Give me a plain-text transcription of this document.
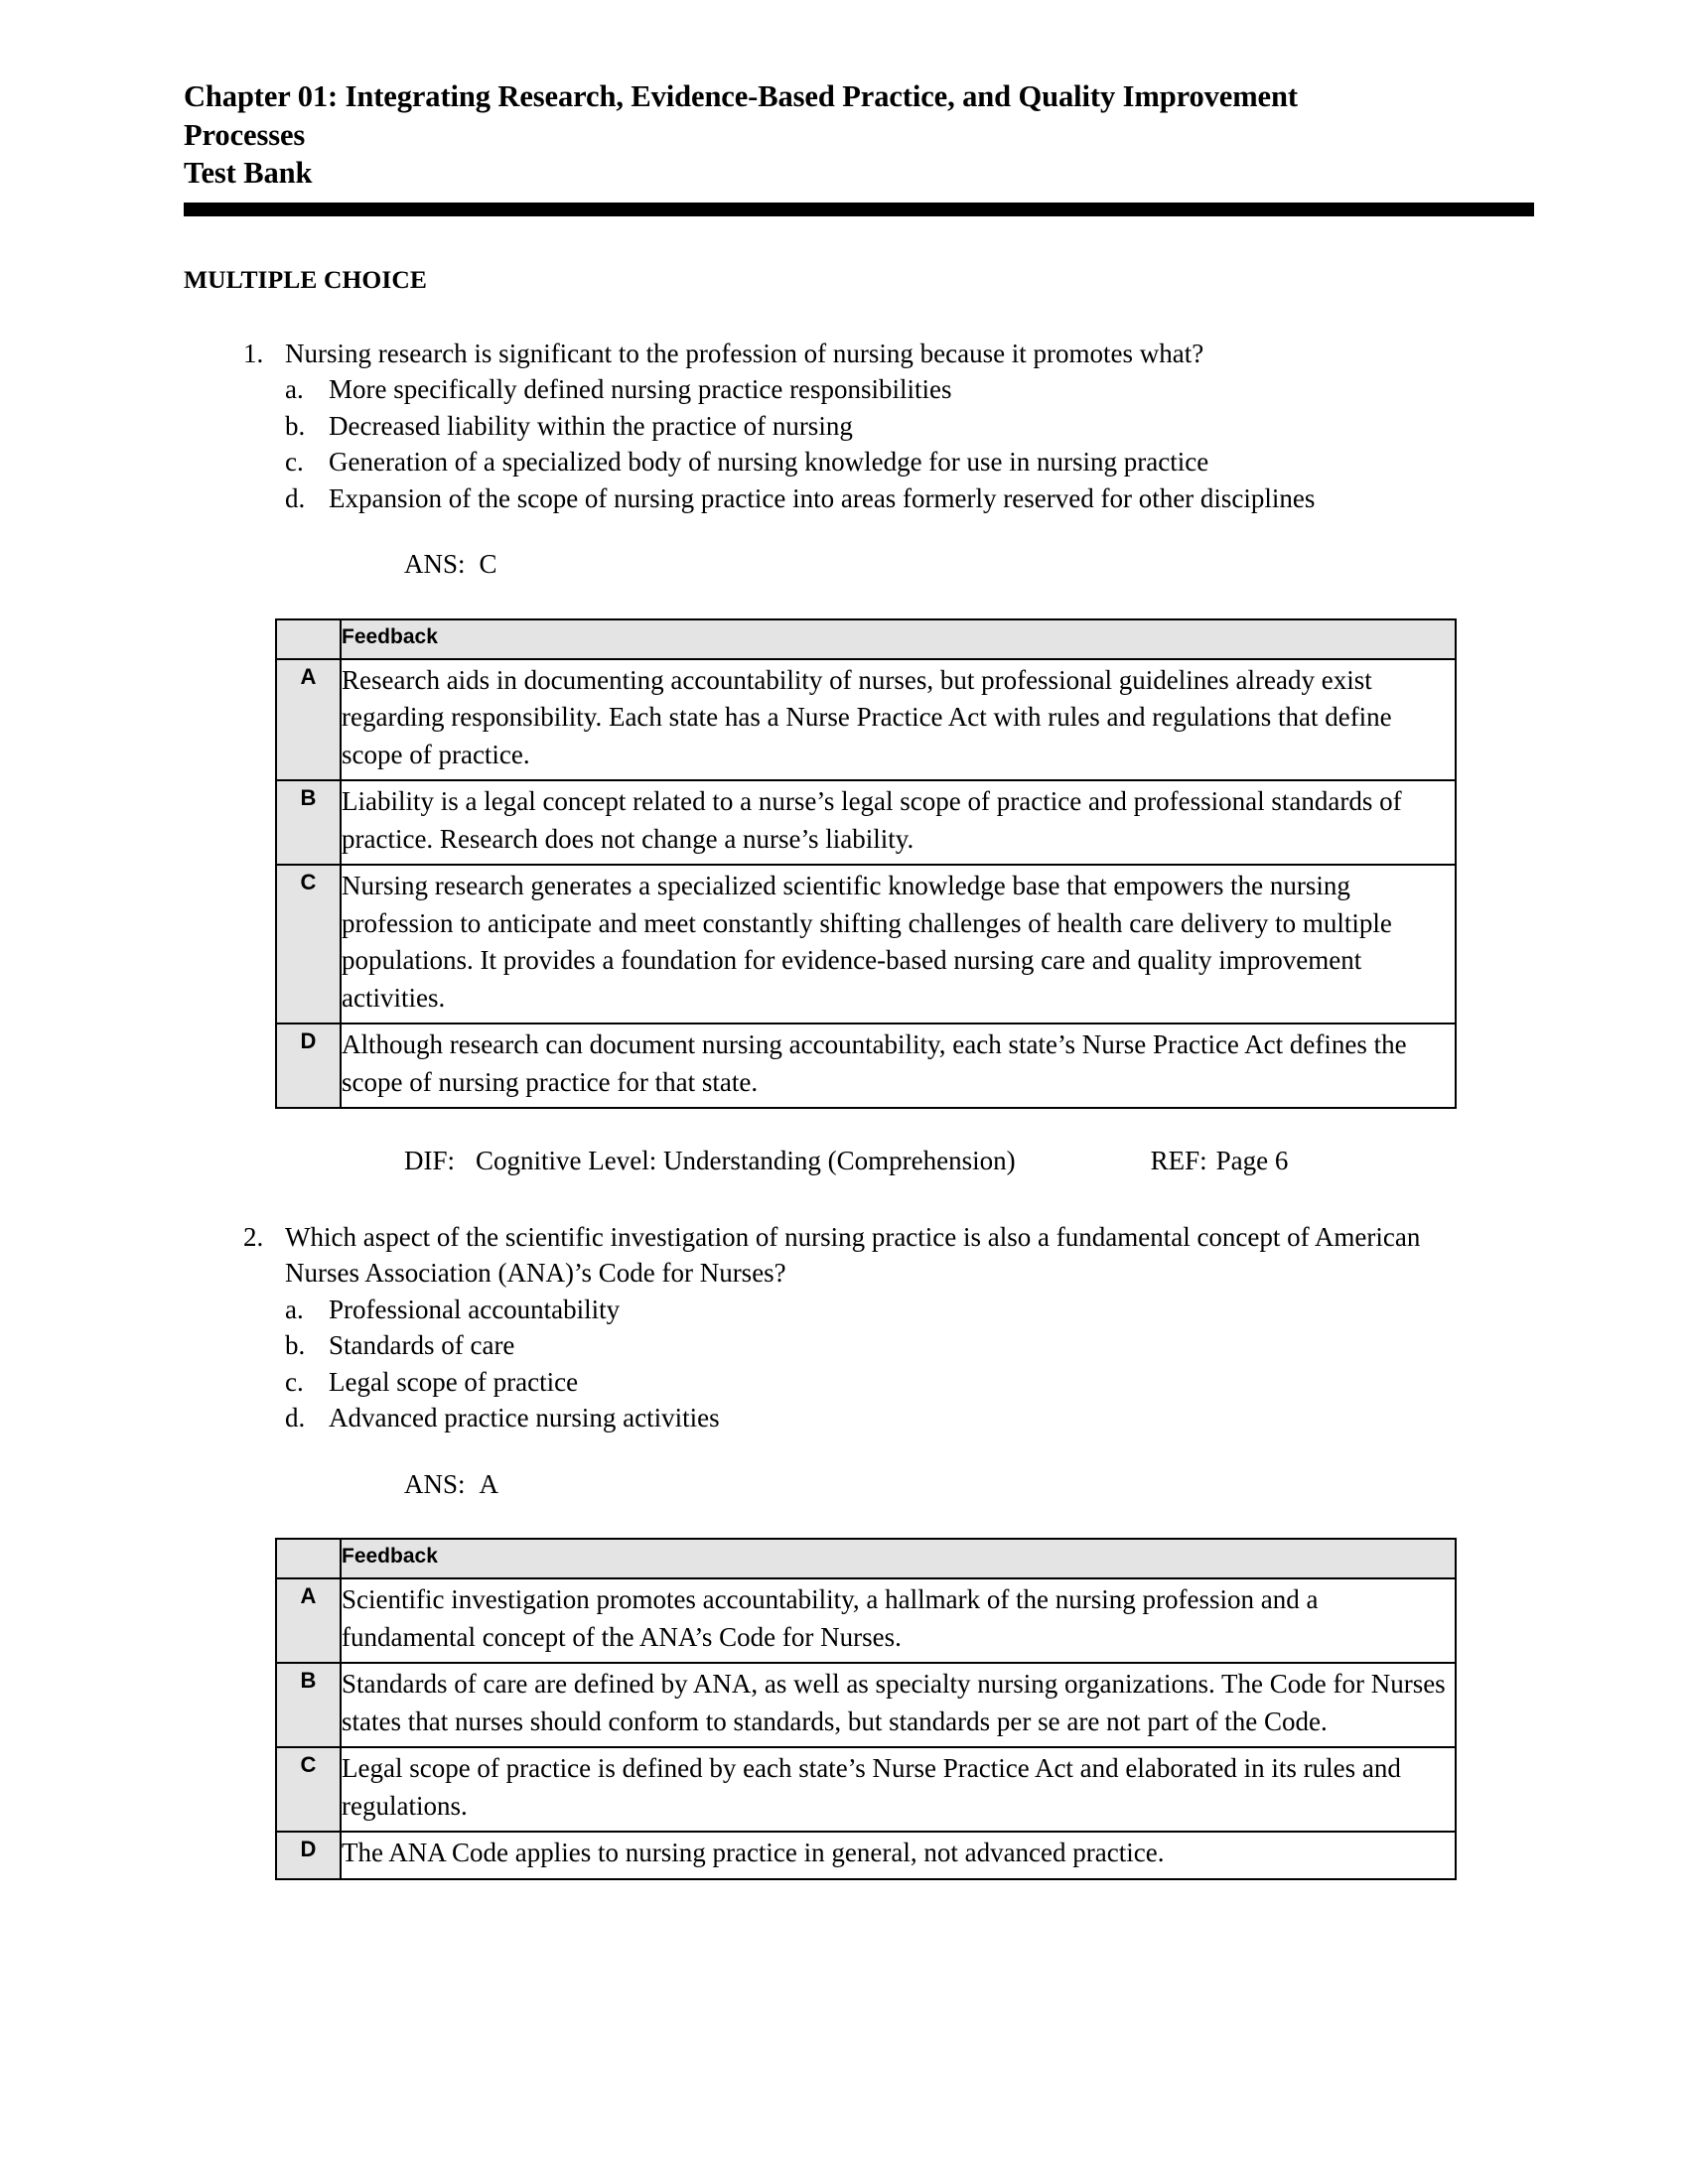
Chapter 01: Integrating Research, Evidence-Based Practice, and Quality Improvement
Processes
Test Bank
MULTIPLE CHOICE
1. Nursing research is significant to the profession of nursing because it promotes what?
a. More specifically defined nursing practice responsibilities
b. Decreased liability within the practice of nursing
c. Generation of a specialized body of nursing knowledge for use in nursing practice
d. Expansion of the scope of nursing practice into areas formerly reserved for other disciplines
ANS: C
	Feedback
A	Research aids in documenting accountability of nurses, but professional guidelines already exist regarding responsibility. Each state has a Nurse Practice Act with rules and regulations that define scope of practice.
B	Liability is a legal concept related to a nurse’s legal scope of practice and professional standards of practice. Research does not change a nurse’s liability.
C	Nursing research generates a specialized scientific knowledge base that empowers the nursing profession to anticipate and meet constantly shifting challenges of health care delivery to multiple populations. It provides a foundation for evidence-based nursing care and quality improvement activities.
D	Although research can document nursing accountability, each state’s Nurse Practice Act defines the scope of nursing practice for that state.
DIF: Cognitive Level: Understanding (Comprehension)	REF: Page 6
2. Which aspect of the scientific investigation of nursing practice is also a fundamental concept of American Nurses Association (ANA)’s Code for Nurses?
a. Professional accountability
b. Standards of care
c. Legal scope of practice
d. Advanced practice nursing activities
ANS: A
	Feedback
A	Scientific investigation promotes accountability, a hallmark of the nursing profession and a fundamental concept of the ANA’s Code for Nurses.
B	Standards of care are defined by ANA, as well as specialty nursing organizations. The Code for Nurses states that nurses should conform to standards, but standards per se are not part of the Code.
C	Legal scope of practice is defined by each state’s Nurse Practice Act and elaborated in its rules and regulations.
D	The ANA Code applies to nursing practice in general, not advanced practice.
